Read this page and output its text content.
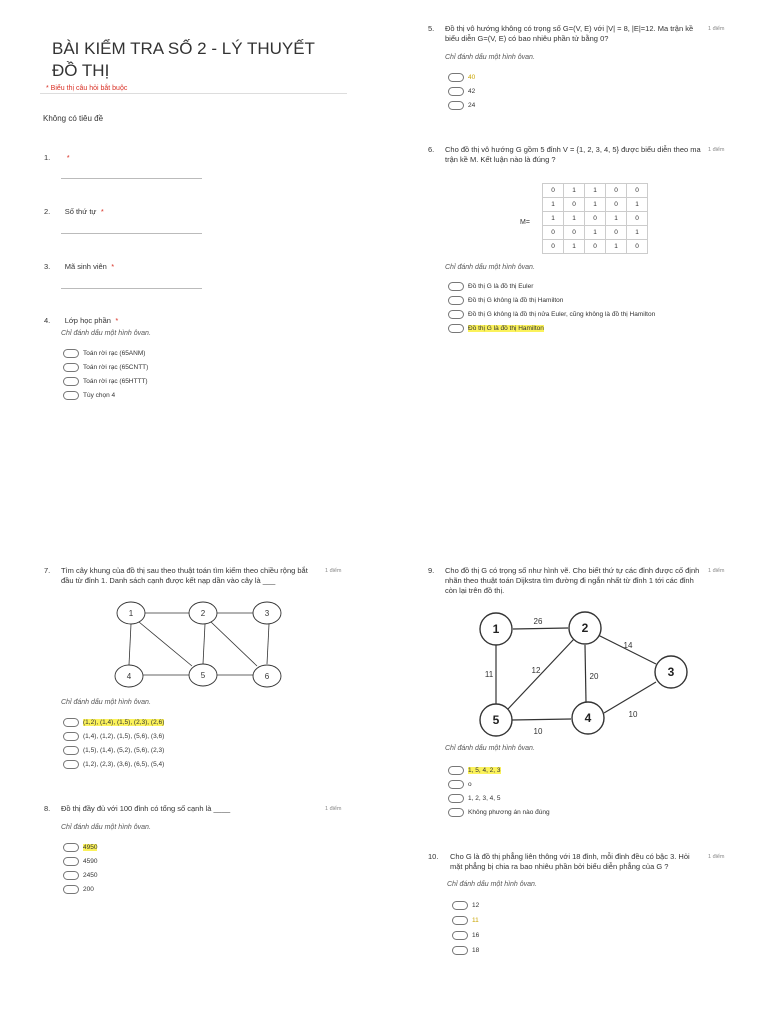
BÀI KIỂM TRA SỐ 2 - LÝ THUYẾT ĐỒ THỊ
* Biểu thị câu hỏi bắt buộc
Không có tiêu đề
1. *
2. Số thứ tự *
3. Mã sinh viên *
4. Lớp học phần *
Chỉ đánh dấu một hình ôvan.
Toán rời rạc (65ANM)
Toán rời rạc (65CNTT)
Toán rời rạc (65HTTT)
Tùy chọn 4
5. Đồ thị vô hướng không có trọng số G=(V, E) với |V| = 8, |E|=12. Ma trận kề biểu diễn G=(V, E) có bao nhiêu phần tử bằng 0?
1 điểm
Chỉ đánh dấu một hình ôvan.
40
42
24
6. Cho đồ thị vô hướng G gồm 5 đỉnh V = {1, 2, 3, 4, 5} được biểu diễn theo ma trận kề M. Kết luận nào là đúng ?
1 điểm
M=
0	1	1	0	0
1	0	1	0	1
1	1	0	1	0
0	0	1	0	1
0	1	0	1	0
Chỉ đánh dấu một hình ôvan.
Đồ thị G là đồ thị Euler
Đồ thị G không là đồ thị Hamilton
Đồ thị G không là đồ thị nửa Euler, cũng không là đồ thị Hamilton
Đồ thị G là đồ thị Hamilton
7. Tìm cây khung của đồ thị sau theo thuật toán tìm kiếm theo chiều rộng bắt đầu từ đỉnh 1. Danh sách cạnh được kết nạp dần vào cây là ___
1 điểm
1	2	3
4	5	6
Chỉ đánh dấu một hình ôvan.
(1,2), (1,4), (1,5), (2,3), (2,6)
(1,4), (1,2), (1,5), (5,6), (3,6)
(1,5), (1,4), (5,2), (5,6), (2,3)
(1,2), (2,3), (3,6), (6,5), (5,4)
8. Đồ thị đầy đủ với 100 đỉnh có tổng số cạnh là ____	1 điểm
Chỉ đánh dấu một hình ôvan.
4950
4590
2450
200
9. Cho đồ thị G có trọng số như hình vẽ. Cho biết thứ tự các đỉnh được cố định nhãn theo thuật toán Dijkstra tìm đường đi ngắn nhất từ đỉnh 1 tới các đỉnh còn lại trên đồ thị.
1 điểm
1	2
3
4
5
26
14
11	12
20
10
10
Chỉ đánh dấu một hình ôvan.
1, 5, 4, 2, 3
o
1, 2, 3, 4, 5
Không phương án nào đúng
10. Cho G là đồ thị phẳng liên thông với 18 đỉnh, mỗi đỉnh đều có bậc 3. Hỏi mặt phẳng bị chia ra bao nhiêu phần bởi biểu diễn phẳng của G ?
1 điểm
Chỉ đánh dấu một hình ôvan.
12
11
16
18
